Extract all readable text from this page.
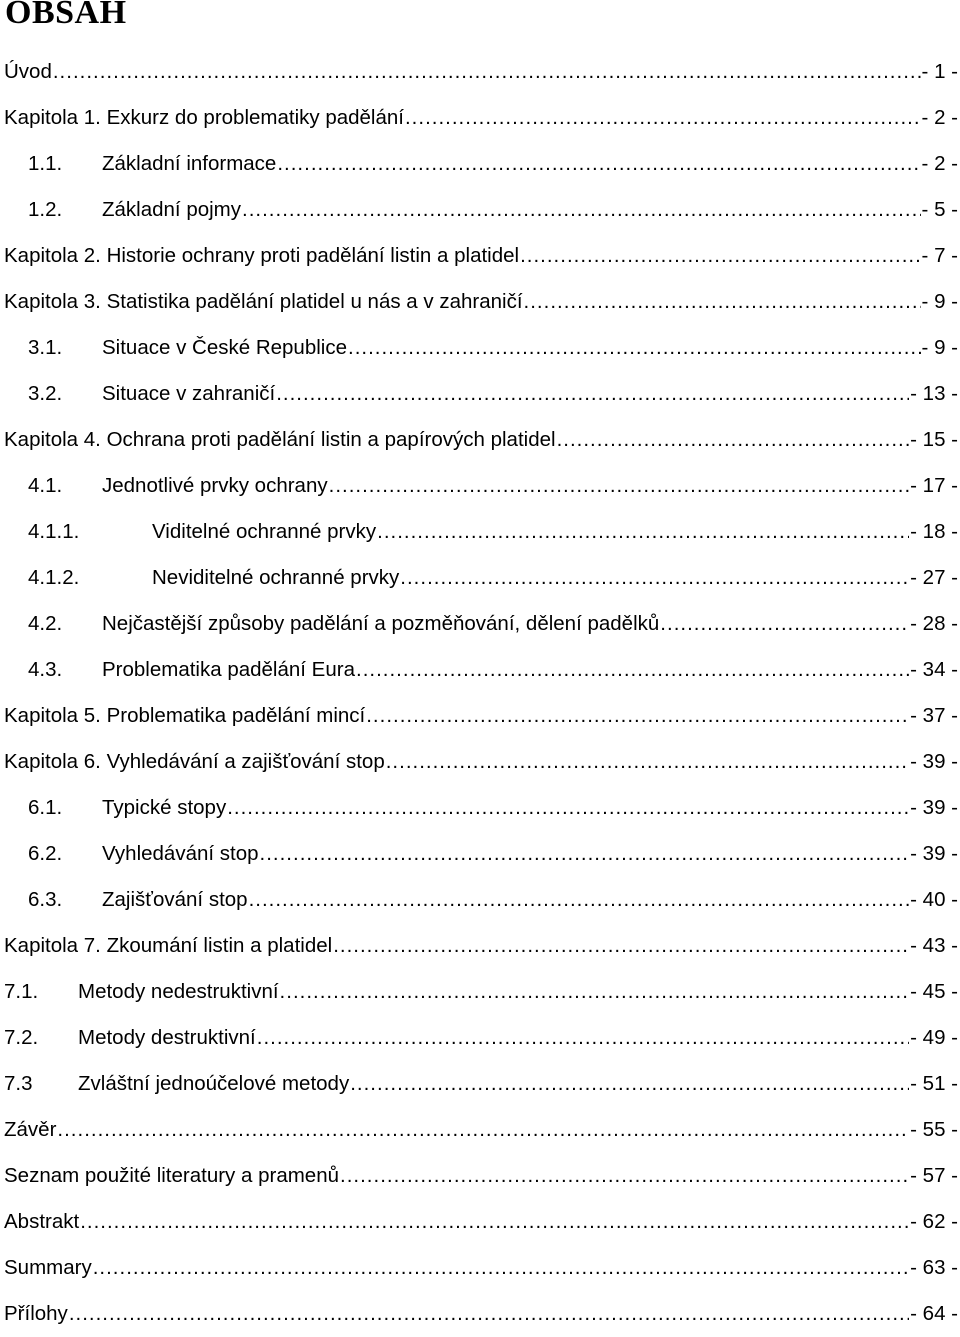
OBSAH
Úvod .....	- 1 -
Kapitola 1. Exkurz do problematiky padělání .....	- 2 -
1.1.	Základní informace .....	- 2 -
1.2.	Základní pojmy .....	- 5 -
Kapitola 2. Historie ochrany proti padělání listin a platidel .....	- 7 -
Kapitola 3. Statistika padělání platidel u nás a v zahraničí .....	- 9 -
3.1.	Situace v České Republice .....	- 9 -
3.2.	Situace v zahraničí .....	- 13 -
Kapitola 4. Ochrana proti padělání listin a papírových platidel .....	- 15 -
4.1.	Jednotlivé prvky ochrany .....	- 17 -
4.1.1.	Viditelné ochranné prvky .....	- 18 -
4.1.2.	Neviditelné ochranné prvky .....	- 27 -
4.2.	Nejčastější způsoby padělání a pozměňování, dělení padělků .....	- 28 -
4.3.	Problematika padělání Eura .....	- 34 -
Kapitola 5. Problematika padělání mincí .....	- 37 -
Kapitola 6. Vyhledávání a zajišťování stop .....	- 39 -
6.1.	Typické stopy .....	- 39 -
6.2.	Vyhledávání stop .....	- 39 -
6.3.	Zajišťování stop .....	- 40 -
Kapitola 7. Zkoumání listin a platidel .....	- 43 -
7.1.	Metody nedestruktivní .....	- 45 -
7.2.	Metody destruktivní .....	- 49 -
7.3	Zvláštní jednoúčelové metody .....	- 51 -
Závěr .....	- 55 -
Seznam použité literatury a pramenů .....	- 57 -
Abstrakt .....	- 62 -
Summary .....	- 63 -
Přílohy .....	- 64 -
